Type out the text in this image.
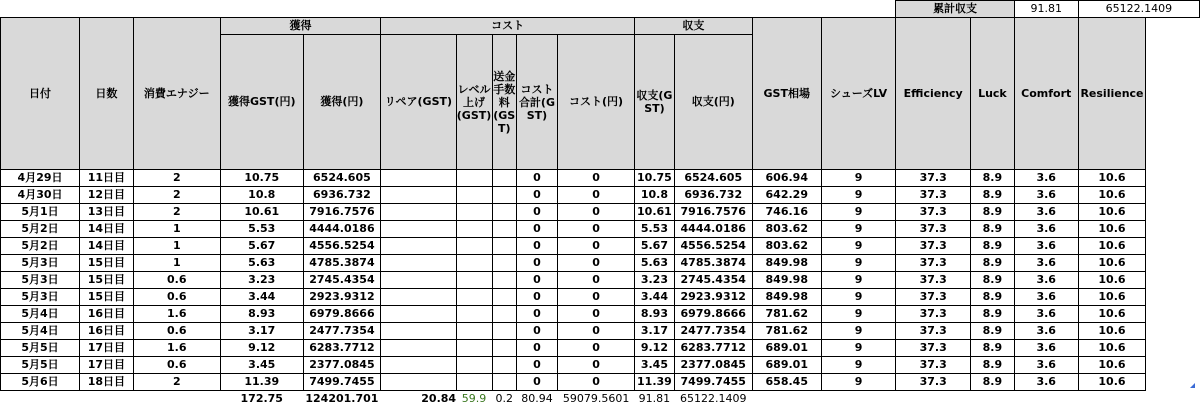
														累計収支		91.81	65122.1409
日付	日数	消費エナジー	獲得		コスト					収支		GST相場	シューズLV	Efficiency	Luck	Comfort	Resilience
			獲得GST(円)	獲得(円)	リペア(GST)	レベル上げ(GST)	送金手数料(GST)	コスト合計(GST)	コスト(円)	収支(GST)	収支(円)						
4月29日	11日目	2	10.75	6524.605				0	0	10.75	6524.605	606.94	9	37.3	8.9	3.6	10.6
4月30日	12日目	2	10.8	6936.732				0	0	10.8	6936.732	642.29	9	37.3	8.9	3.6	10.6
5月1日	13日目	2	10.61	7916.7576				0	0	10.61	7916.7576	746.16	9	37.3	8.9	3.6	10.6
5月2日	14日目	1	5.53	4444.0186				0	0	5.53	4444.0186	803.62	9	37.3	8.9	3.6	10.6
5月2日	14日目	1	5.67	4556.5254				0	0	5.67	4556.5254	803.62	9	37.3	8.9	3.6	10.6
5月3日	15日目	1	5.63	4785.3874				0	0	5.63	4785.3874	849.98	9	37.3	8.9	3.6	10.6
5月3日	15日目	0.6	3.23	2745.4354				0	0	3.23	2745.4354	849.98	9	37.3	8.9	3.6	10.6
5月3日	15日目	0.6	3.44	2923.9312				0	0	3.44	2923.9312	849.98	9	37.3	8.9	3.6	10.6
5月4日	16日目	1.6	8.93	6979.8666				0	0	8.93	6979.8666	781.62	9	37.3	8.9	3.6	10.6
5月4日	16日目	0.6	3.17	2477.7354				0	0	3.17	2477.7354	781.62	9	37.3	8.9	3.6	10.6
5月5日	17日目	1.6	9.12	6283.7712				0	0	9.12	6283.7712	689.01	9	37.3	8.9	3.6	10.6
5月5日	17日目	0.6	3.45	2377.0845				0	0	3.45	2377.0845	689.01	9	37.3	8.9	3.6	10.6
5月6日	18日目	2	11.39	7499.7455				0	0	11.39	7499.7455	658.45	9	37.3	8.9	3.6	10.6
			172.75	124201.701	20.84	59.9	0.2	80.94	59079.5601	91.81	65122.1409						
